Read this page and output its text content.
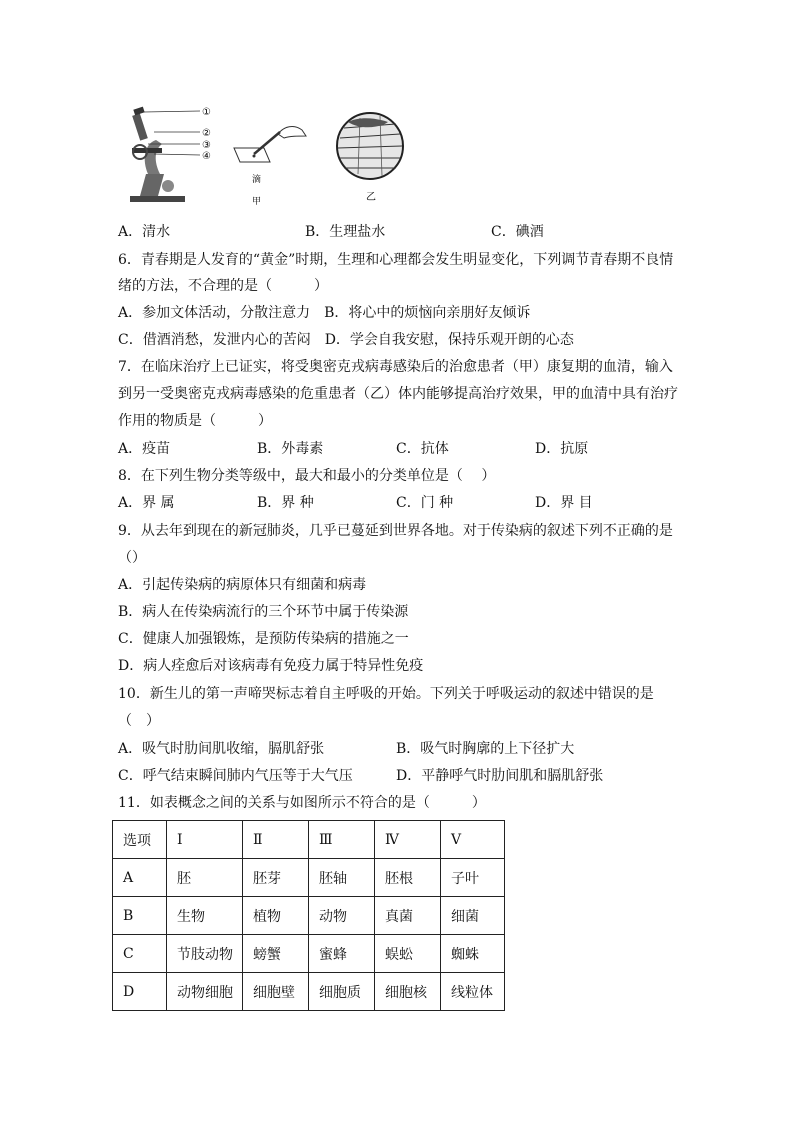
①
②
③
④
滴
甲	乙
A．清水	B．生理盐水	C．碘酒
6．青春期是人发育的“黄金”时期，生理和心理都会发生明显变化，下列调节青春期不良情
绪的方法，不合理的是（　　　）
A．参加文体活动，分散注意力　B．将心中的烦恼向亲朋好友倾诉
C．借酒消愁，发泄内心的苦闷　D．学会自我安慰，保持乐观开朗的心态
7．在临床治疗上已证实，将受奥密克戎病毒感染后的治愈患者（甲）康复期的血清，输入
到另一受奥密克戎病毒感染的危重患者（乙）体内能够提高治疗效果，甲的血清中具有治疗
作用的物质是（　　　）
A．疫苗	B．外毒素	C．抗体	D．抗原
8．在下列生物分类等级中，最大和最小的分类单位是（　 ）
A．界 属	B．界 种	C．门 种	D．界 目
9．从去年到现在的新冠肺炎，几乎已蔓延到世界各地。对于传染病的叙述下列不正确的是
（）
A．引起传染病的病原体只有细菌和病毒
B．病人在传染病流行的三个环节中属于传染源
C．健康人加强锻炼，是预防传染病的措施之一
D．病人痊愈后对该病毒有免疫力属于特异性免疫
10．新生儿的第一声啼哭标志着自主呼吸的开始。下列关于呼吸运动的叙述中错误的是
（　）
A．吸气时肋间肌收缩，膈肌舒张	B．吸气时胸廓的上下径扩大
C．呼气结束瞬间肺内气压等于大气压	D．平静呼气时肋间肌和膈肌舒张
11．如表概念之间的关系与如图所示不符合的是（　　　）
选项	Ⅰ	Ⅱ	Ⅲ	Ⅳ	Ⅴ
A	胚	胚芽	胚轴	胚根	子叶
B	生物	植物	动物	真菌	细菌
C	节肢动物	螃蟹	蜜蜂	蜈蚣	蜘蛛
D	动物细胞	细胞壁	细胞质	细胞核	线粒体
